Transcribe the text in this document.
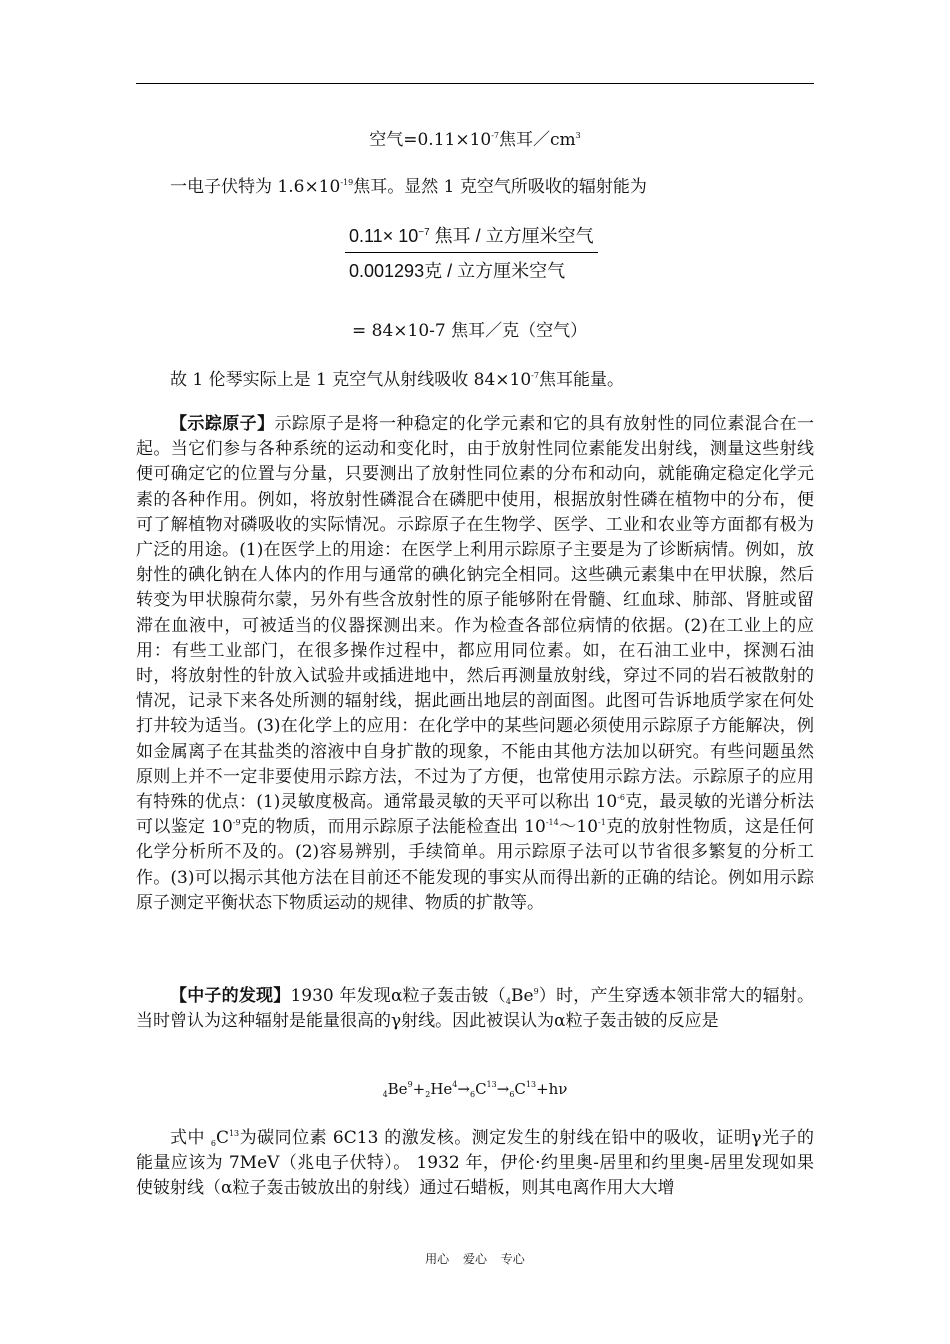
空气$=0.11\times 10^{-7}$焦耳$/cm^3$
一电子伏特为 $1.6\times 10^{-19}$焦耳。显然 1 克空气所吸收的辐射能为
$0.11\times 10^{-7}$ 焦耳 / 立方厘米空气
0.001293克 / 立方厘米空气
= 84×10-7 焦耳／克（空气）
故 1 伦琴实际上是 1 克空气从射线吸收 $84\times 10^{-7}$焦耳能量。

【示踪原子】示踪原子是将一种稳定的化学元素和它的具有放射性的同位素混合在一起。当它们参与各种系统的运动和变化时，由于放射性同位素能发出射线，测量这些射线便可确定它的位置与分量，只要测出了放射性同位素的分布和动向，就能确定稳定化学元素的各种作用。例如，将放射性磷混合在磷肥中使用，根据放射性磷在植物中的分布，便可了解植物对磷吸收的实际情况。示踪原子在生物学、医学、工业和农业等方面都有极为广泛的用途。(1)在医学上的用途：在医学上利用示踪原子主要是为了诊断病情。例如，放射性的碘化钠在人体内的作用与通常的碘化钠完全相同。这些碘元素集中在甲状腺，然后转变为甲状腺荷尔蒙，另外有些含放射性的原子能够附在骨髓、红血球、肺部、肾脏或留滞在血液中，可被适当的仪器探测出来。作为检查各部位病情的依据。(2)在工业上的应用：有些工业部门，在很多操作过程中，都应用同位素。如，在石油工业中，探测石油时，将放射性的针放入试验井或插进地中，然后再测量放射线，穿过不同的岩石被散射的情况，记录下来各处所测的辐射线，据此画出地层的剖面图。此图可告诉地质学家在何处打井较为适当。(3)在化学上的应用：在化学中的某些问题必须使用示踪原子方能解决，例如金属离子在其盐类的溶液中自身扩散的现象，不能由其他方法加以研究。有些问题虽然原则上并不一定非要使用示踪方法，不过为了方便，也常使用示踪方法。示踪原子的应用有特殊的优点：(1)灵敏度极高。通常最灵敏的天平可以称出 $10^{-6}$克，最灵敏的光谱分析法可以鉴定 $10^{-9}$克的物质，而用示踪原子法能检查出 $10^{-14}\sim 10^{-1}$克的放射性物质，这是任何化学分析所不及的。(2)容易辨别，手续简单。用示踪原子法可以节省很多繁复的分析工作。(3)可以揭示其他方法在目前还不能发现的事实从而得出新的正确的结论。例如用示踪原子测定平衡状态下物质运动的规律、物质的扩散等。

【中子的发现】1930 年发现α粒子轰击铍$(_4Be^9)$时，产生穿透本领非常大的辐射。当时曾认为这种辐射是能量很高的γ射线。因此被误认为α粒子轰击铍的反应是

$_4Be^9+_2He^4\to_6C^{13}\to_6C^{13}+h\nu$

式中 $_6C^{13}$为碳同位素 6C13 的激发核。测定发生的射线在铅中的吸收，证明γ光子的能量应该为 7MeV（兆电子伏特）。 1932 年，伊伦·约里奥-居里和约里奥-居里发现如果使铍射线（α粒子轰击铍放出的射线）通过石蜡板，则其电离作用大大增

用心 爱心 专心
